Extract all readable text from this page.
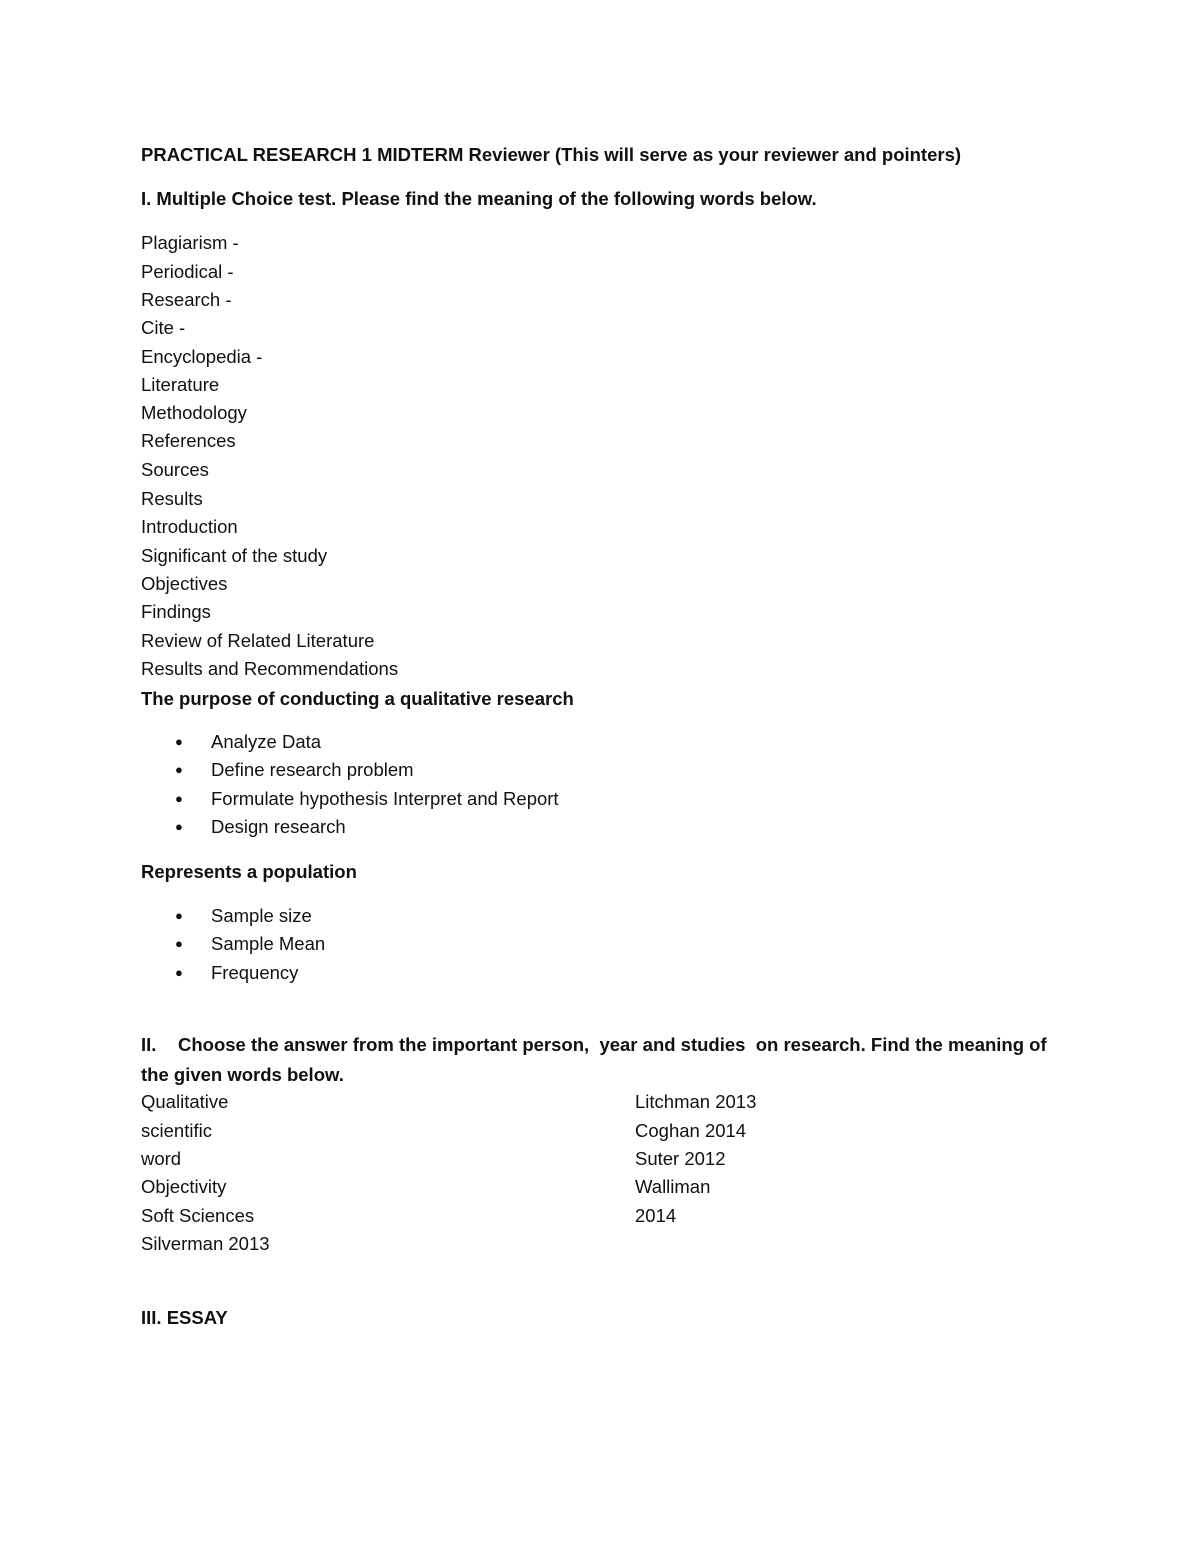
PRACTICAL RESEARCH 1 MIDTERM Reviewer (This will serve as your reviewer and pointers)
I. Multiple Choice test. Please find the meaning of the following words below.
Plagiarism -
Periodical -
Research -
Cite -
Encyclopedia -
Literature
Methodology
References
Sources
Results
Introduction
Significant of the study
Objectives
Findings
Review of Related Literature
Results and Recommendations
The purpose of conducting a qualitative research
● Analyze Data
● Define research problem
● Formulate hypothesis Interpret and Report
● Design research
Represents a population
● Sample size
● Sample Mean
● Frequency
II. Choose the answer from the important person,  year and studies  on research. Find the meaning of
the given words below.
Qualitative	Litchman 2013
scientific	Coghan 2014
word	Suter 2012
Objectivity	Walliman
Soft Sciences	2014
Silverman 2013
III. ESSAY
